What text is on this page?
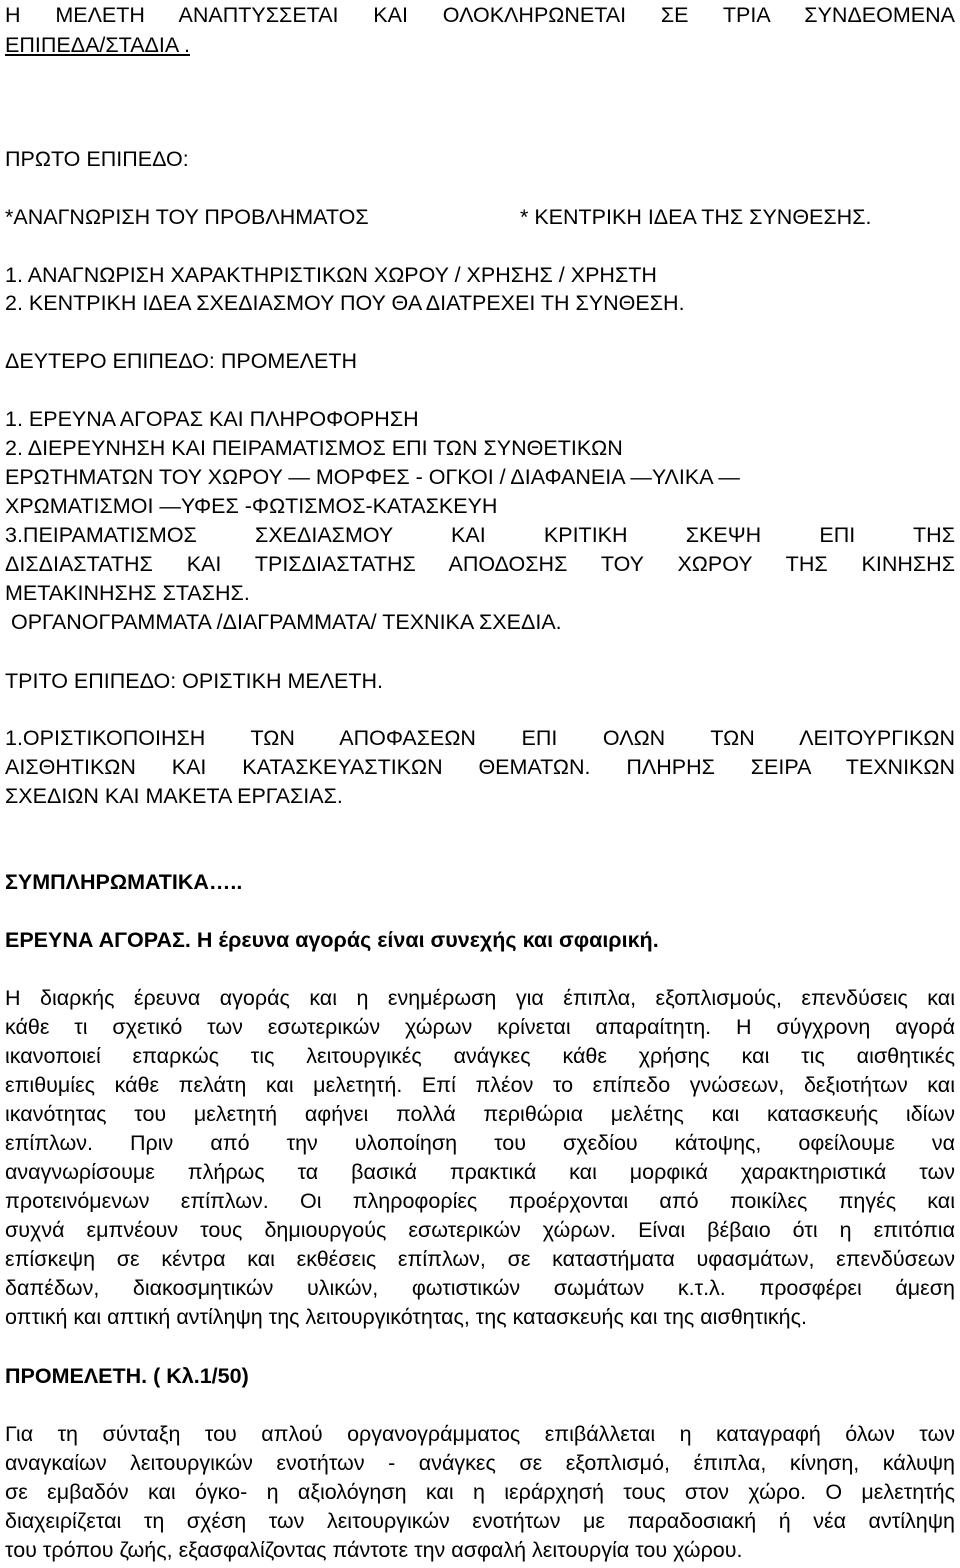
Η ΜΕΛΕΤΗ ΑΝΑΠΤΥΣΣΕΤΑΙ ΚΑΙ ΟΛΟΚΛΗΡΩΝΕΤΑΙ ΣΕ ΤΡΙΑ ΣΥΝΔΕΟΜΕΝΑ
ΕΠΙΠΕΔΑ/ΣΤΑΔΙΑ .
ΠΡΩΤΟ ΕΠΙΠΕΔΟ:
*ΑΝΑΓΝΩΡΙΣΗ ΤΟΥ ΠΡΟΒΛΗΜΑΤΟΣ	* ΚΕΝΤΡΙΚΗ ΙΔΕΑ ΤΗΣ ΣΥΝΘΕΣΗΣ.
1. ΑΝΑΓΝΩΡΙΣΗ ΧΑΡΑΚΤΗΡΙΣΤΙΚΩΝ ΧΩΡΟΥ / ΧΡΗΣΗΣ / ΧΡΗΣΤΗ
2. ΚΕΝΤΡΙΚΗ ΙΔΕΑ ΣΧΕΔΙΑΣΜΟΥ ΠΟΥ ΘΑ ΔΙΑΤΡΕΧΕΙ ΤΗ ΣΥΝΘΕΣΗ.
ΔΕΥΤΕΡΟ ΕΠΙΠΕΔΟ: ΠΡΟΜΕΛΕΤΗ
1. ΕΡΕΥΝΑ ΑΓΟΡΑΣ ΚΑΙ ΠΛΗΡΟΦΟΡΗΣΗ
2. ΔΙΕΡΕΥΝΗΣΗ ΚΑΙ ΠΕΙΡΑΜΑΤΙΣΜΟΣ ΕΠΙ ΤΩΝ ΣΥΝΘΕΤΙΚΩΝ
ΕΡΩΤΗΜΑΤΩΝ ΤΟΥ ΧΩΡΟΥ — ΜΟΡΦΕΣ - ΟΓΚΟΙ / ΔΙΑΦΑΝΕΙΑ —ΥΛΙΚΑ —
ΧΡΩΜΑΤΙΣΜΟΙ —ΥΦΕΣ -ΦΩΤΙΣΜΟΣ-ΚΑΤΑΣΚΕΥΗ
3.ΠΕΙΡΑΜΑΤΙΣΜΟΣ ΣΧΕΔΙΑΣΜΟΥ ΚΑΙ ΚΡΙΤΙΚΗ ΣΚΕΨΗ ΕΠΙ ΤΗΣ
ΔΙΣΔΙΑΣΤΑΤΗΣ ΚΑΙ ΤΡΙΣΔΙΑΣΤΑΤΗΣ ΑΠΟΔΟΣΗΣ ΤΟΥ ΧΩΡΟΥ ΤΗΣ ΚΙΝΗΣΗΣ
ΜΕΤΑΚΙΝΗΣΗΣ ΣΤΑΣΗΣ.
ΟΡΓΑΝΟΓΡΑΜΜΑΤΑ /ΔΙΑΓΡΑΜΜΑΤΑ/ ΤΕΧΝΙΚΑ ΣΧΕΔΙΑ.
ΤΡΙΤΟ ΕΠΙΠΕΔΟ: ΟΡΙΣΤΙΚΗ ΜΕΛΕΤΗ.
1.ΟΡΙΣΤΙΚΟΠΟΙΗΣΗ ΤΩΝ ΑΠΟΦΑΣΕΩΝ ΕΠΙ ΟΛΩΝ ΤΩΝ ΛΕΙΤΟΥΡΓΙΚΩΝ
ΑΙΣΘΗΤΙΚΩΝ ΚΑΙ ΚΑΤΑΣΚΕΥΑΣΤΙΚΩΝ ΘΕΜΑΤΩΝ. ΠΛΗΡΗΣ ΣΕΙΡΑ ΤΕΧΝΙΚΩΝ
ΣΧΕΔΙΩΝ ΚΑΙ ΜΑΚΕΤΑ ΕΡΓΑΣΙΑΣ.
ΣΥΜΠΛΗΡΩΜΑΤΙΚΑ…..
ΕΡΕΥΝΑ ΑΓΟΡΑΣ. Η έρευνα αγοράς είναι συνεχής και σφαιρική.
Η διαρκής έρευνα αγοράς και η ενημέρωση για έπιπλα, εξοπλισμούς, επενδύσεις και
κάθε τι σχετικό των εσωτερικών χώρων κρίνεται απαραίτητη. Η σύγχρονη αγορά
ικανοποιεί επαρκώς τις λειτουργικές ανάγκες κάθε χρήσης και τις αισθητικές
επιθυμίες κάθε πελάτη και μελετητή. Επί πλέον το επίπεδο γνώσεων, δεξιοτήτων και
ικανότητας του μελετητή αφήνει πολλά περιθώρια μελέτης και κατασκευής ιδίων
επίπλων. Πριν από την υλοποίηση του σχεδίου κάτοψης, οφείλουμε να
αναγνωρίσουμε πλήρως τα βασικά πρακτικά και μορφικά χαρακτηριστικά των
προτεινόμενων επίπλων. Οι πληροφορίες προέρχονται από ποικίλες πηγές και
συχνά εμπνέουν τους δημιουργούς εσωτερικών χώρων. Είναι βέβαιο ότι η επιτόπια
επίσκεψη σε κέντρα και εκθέσεις επίπλων, σε καταστήματα υφασμάτων, επενδύσεων
δαπέδων, διακοσμητικών υλικών, φωτιστικών σωμάτων κ.τ.λ. προσφέρει άμεση
οπτική και απτική αντίληψη της λειτουργικότητας, της κατασκευής και της αισθητικής.
ΠΡΟΜΕΛΕΤΗ. ( Κλ.1/50)
Για τη σύνταξη του απλού οργανογράμματος επιβάλλεται η καταγραφή όλων των
αναγκαίων λειτουργικών ενοτήτων - ανάγκες σε εξοπλισμό, έπιπλα, κίνηση, κάλυψη
σε εμβαδόν και όγκο- η αξιολόγηση και η ιεράρχησή τους στον χώρο. Ο μελετητής
διαχειρίζεται τη σχέση των λειτουργικών ενοτήτων με παραδοσιακή ή νέα αντίληψη
του τρόπου ζωής, εξασφαλίζοντας πάντοτε την ασφαλή λειτουργία του χώρου.
